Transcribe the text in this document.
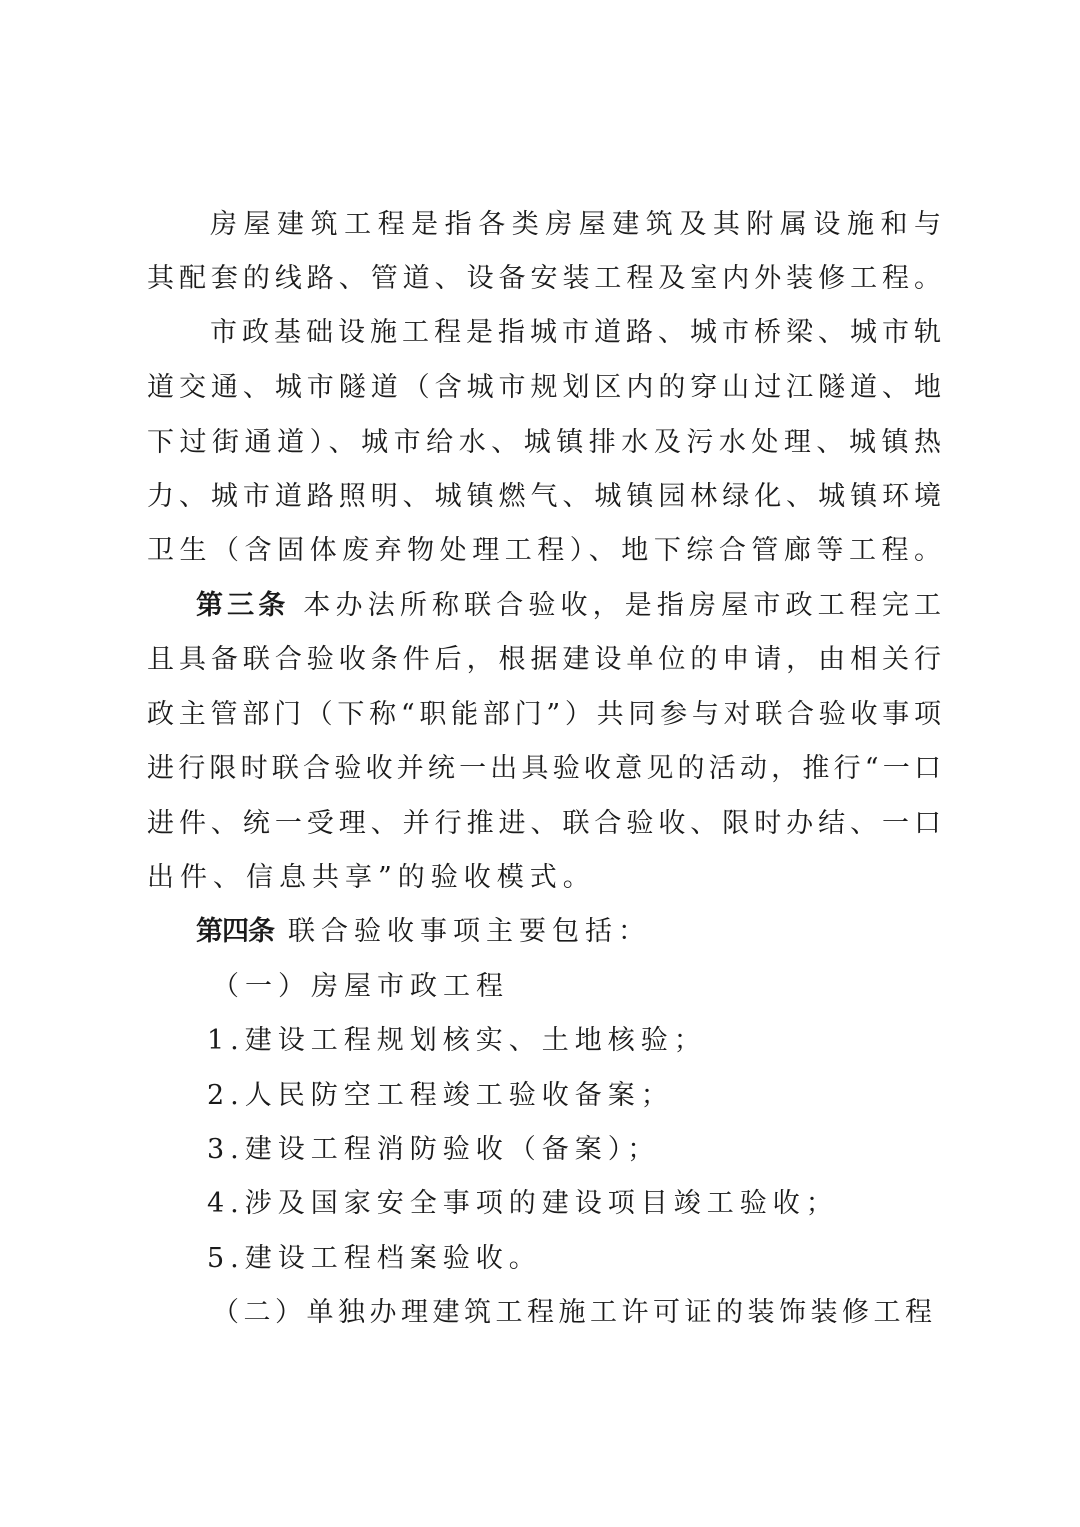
房屋建筑工程是指各类房屋建筑及其附属设施和与
其配套的线路、管道、设备安装工程及室内外装修工程。
市政基础设施工程是指城市道路、城市桥梁、城市轨
道交通、城市隧道（含城市规划区内的穿山过江隧道、地
下过街通道）、城市给水、城镇排水及污水处理、城镇热
力、城市道路照明、城镇燃气、城镇园林绿化、城镇环境
卫生（含固体废弃物处理工程）、地下综合管廊等工程。
第三条 本办法所称联合验收，是指房屋市政工程完工
且具备联合验收条件后，根据建设单位的申请，由相关行
政主管部门（下称“职能部门”）共同参与对联合验收事项
进行限时联合验收并统一出具验收意见的活动，推行“一口
进件、统一受理、并行推进、联合验收、限时办结、一口
出件、信息共享”的验收模式。
第四条 联合验收事项主要包括：
（一）房屋市政工程
1.建设工程规划核实、土地核验；
2.人民防空工程竣工验收备案；
3.建设工程消防验收（备案）；
4.涉及国家安全事项的建设项目竣工验收；
5.建设工程档案验收。
（二）单独办理建筑工程施工许可证的装饰装修工程
